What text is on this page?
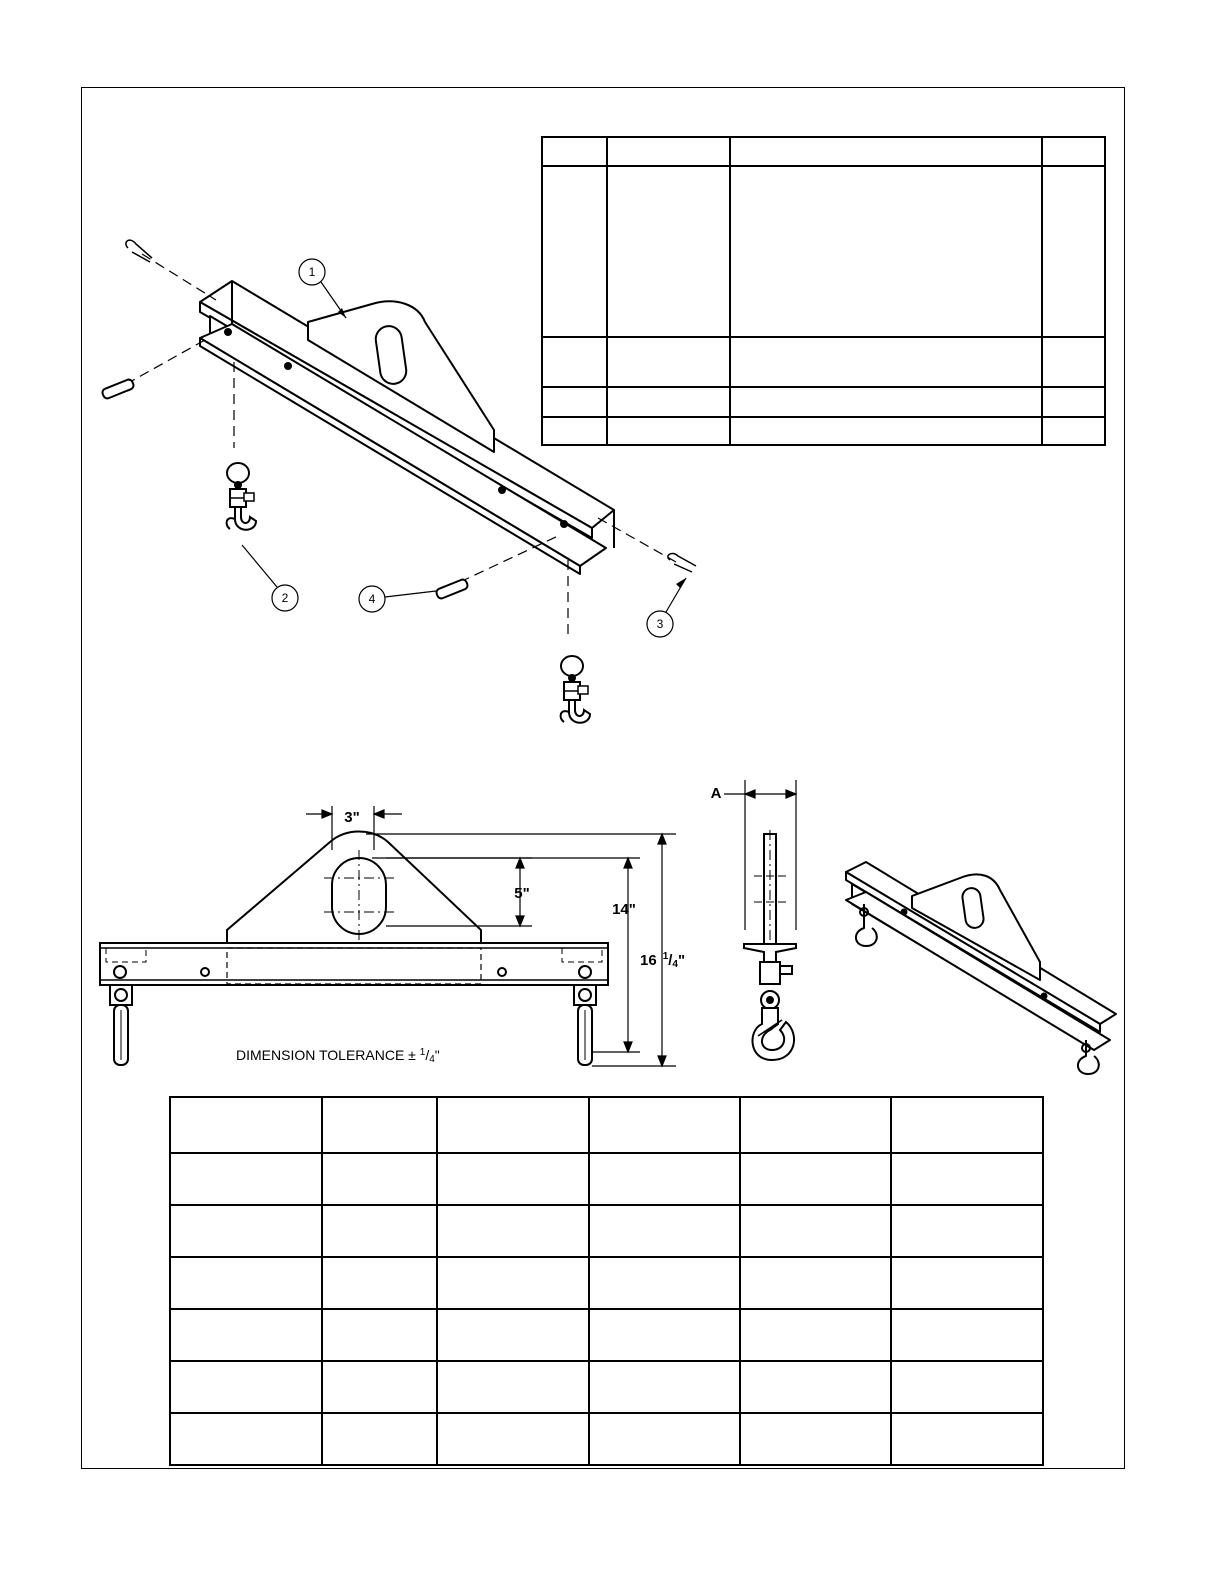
1
2
3
4
3"
5"
14"
16 $^1$/4"
DIMENSION TOLERANCE ± $^1$/4"
A
